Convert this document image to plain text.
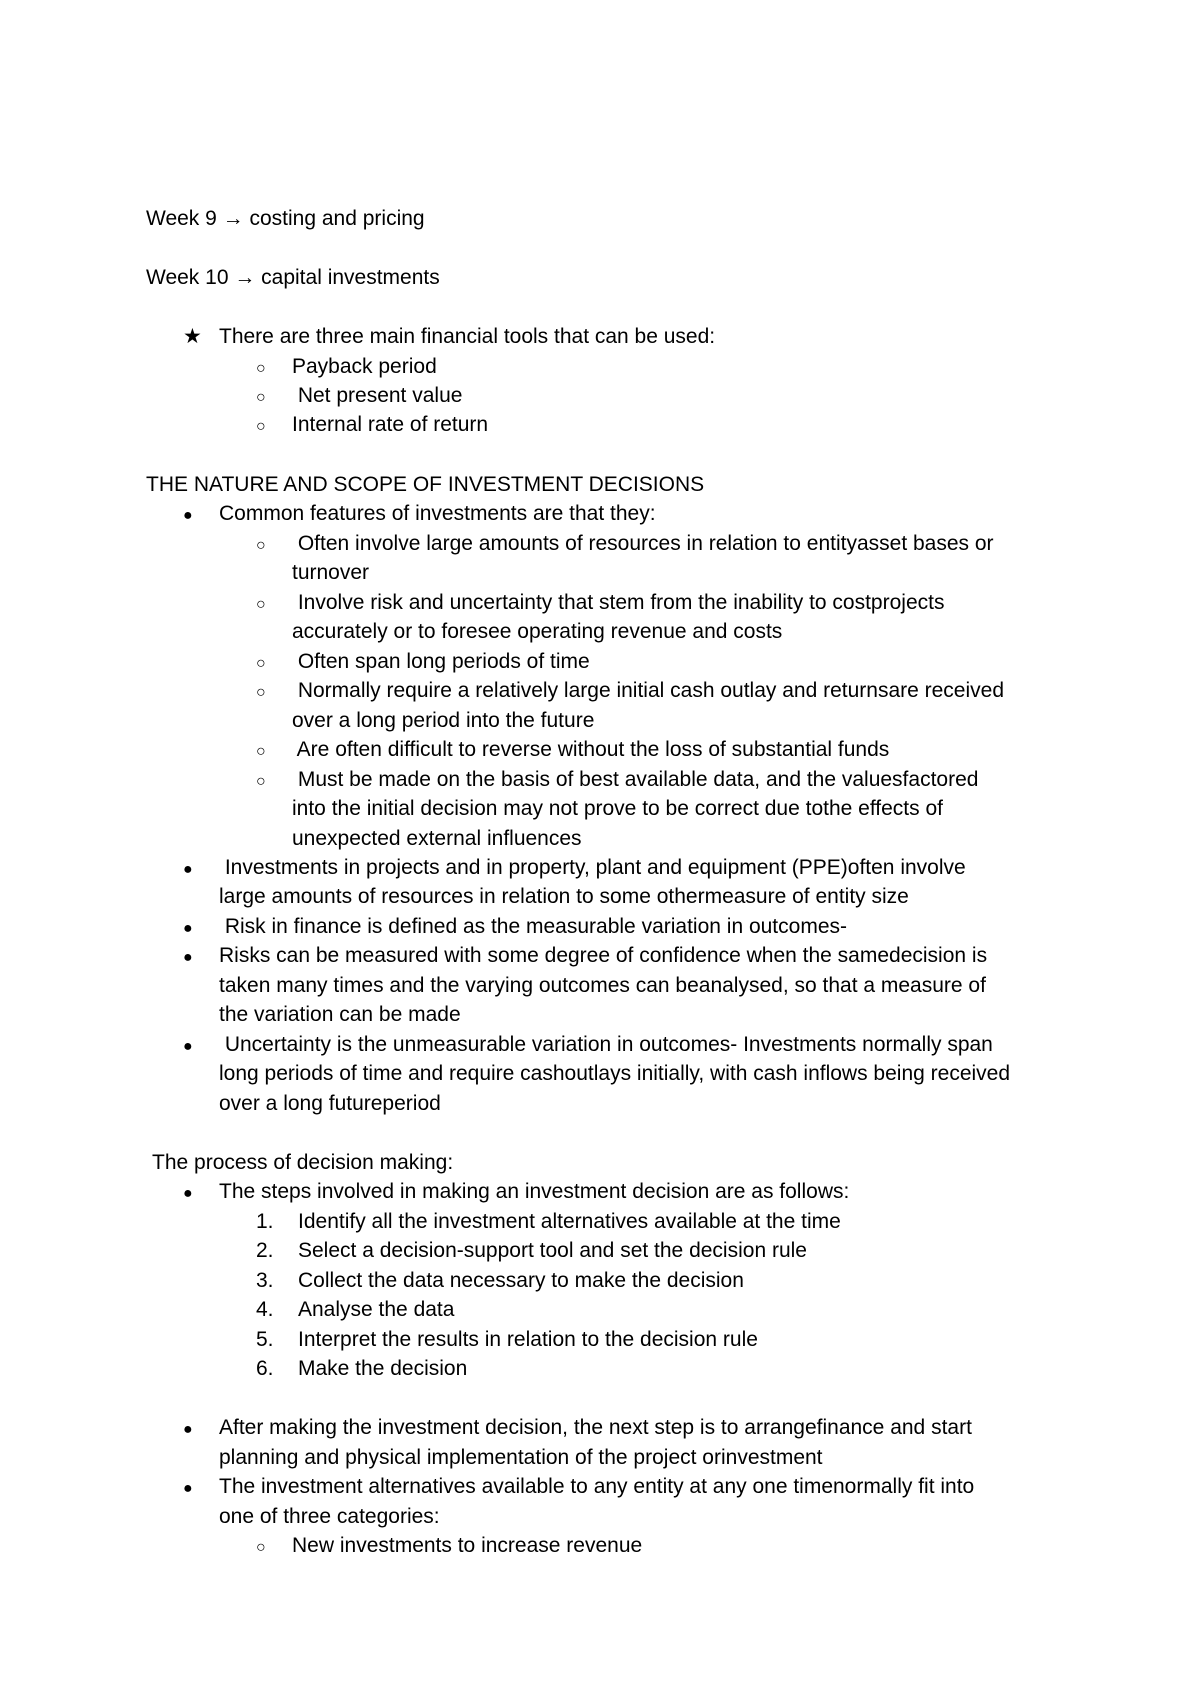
Week 9 → costing and pricing
Week 10 → capital investments
★ There are three main financial tools that can be used:
○ Payback period
○ Net present value
○ Internal rate of return
THE NATURE AND SCOPE OF INVESTMENT DECISIONS
● Common features of investments are that they:
○ Often involve large amounts of resources in relation to entityasset bases or
turnover
○ Involve risk and uncertainty that stem from the inability to costprojects
accurately or to foresee operating revenue and costs
○ Often span long periods of time
○ Normally require a relatively large initial cash outlay and returnsare received
over a long period into the future
○ Are often difficult to reverse without the loss of substantial funds
○ Must be made on the basis of best available data, and the valuesfactored
into the initial decision may not prove to be correct due tothe effects of
unexpected external influences
● Investments in projects and in property, plant and equipment (PPE)often involve
large amounts of resources in relation to some othermeasure of entity size
● Risk in finance is defined as the measurable variation in outcomes-
● Risks can be measured with some degree of confidence when the samedecision is
taken many times and the varying outcomes can beanalysed, so that a measure of
the variation can be made
● Uncertainty is the unmeasurable variation in outcomes- Investments normally span
long periods of time and require cashoutlays initially, with cash inflows being received
over a long futureperiod
The process of decision making:
● The steps involved in making an investment decision are as follows:
1. Identify all the investment alternatives available at the time
2. Select a decision-support tool and set the decision rule
3. Collect the data necessary to make the decision
4. Analyse the data
5. Interpret the results in relation to the decision rule
6. Make the decision
● After making the investment decision, the next step is to arrangefinance and start
planning and physical implementation of the project orinvestment
● The investment alternatives available to any entity at any one timenormally fit into
one of three categories:
○ New investments to increase revenue
